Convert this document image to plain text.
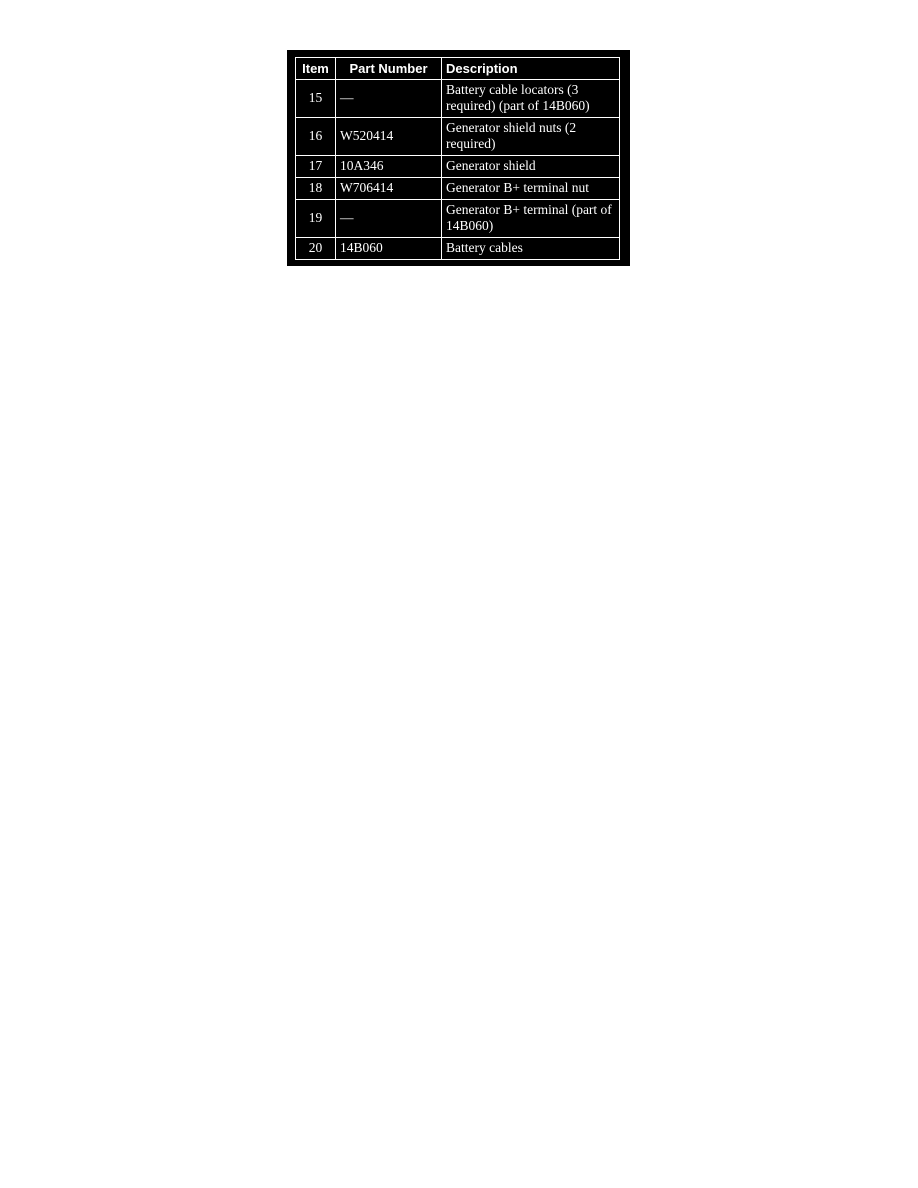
Item	Part Number	Description
15	—	Battery cable locators (3 required) (part of 14B060)
16	W520414	Generator shield nuts (2 required)
17	10A346	Generator shield
18	W706414	Generator B+ terminal nut
19	—	Generator B+ terminal (part of 14B060)
20	14B060	Battery cables
